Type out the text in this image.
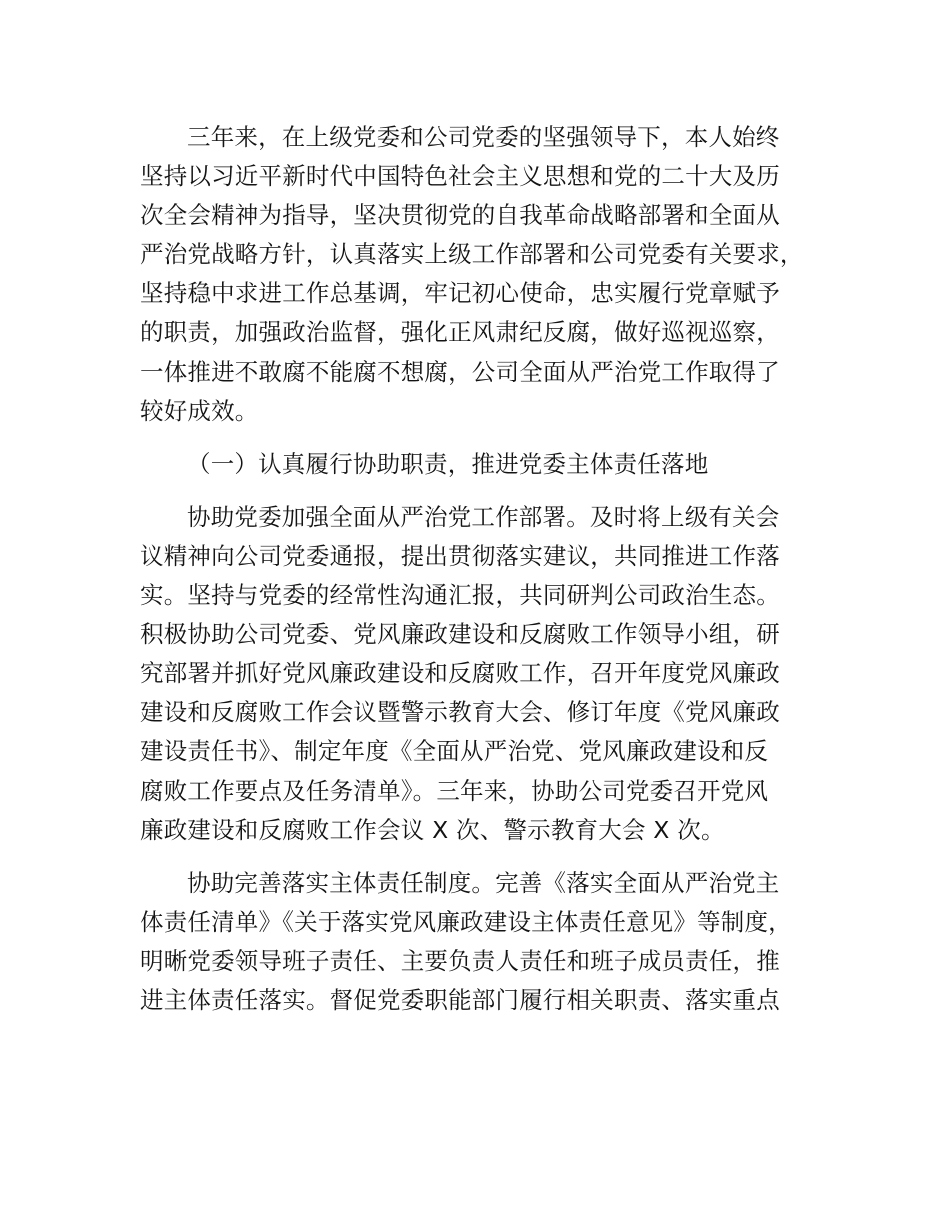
三年来，在上级党委和公司党委的坚强领导下，本人始终
坚持以习近平新时代中国特色社会主义思想和党的二十大及历
次全会精神为指导，坚决贯彻党的自我革命战略部署和全面从
严治党战略方针，认真落实上级工作部署和公司党委有关要求，
坚持稳中求进工作总基调，牢记初心使命，忠实履行党章赋予
的职责，加强政治监督，强化正风肃纪反腐，做好巡视巡察，
一体推进不敢腐不能腐不想腐，公司全面从严治党工作取得了
较好成效。
（一）认真履行协助职责，推进党委主体责任落地
协助党委加强全面从严治党工作部署。及时将上级有关会
议精神向公司党委通报，提出贯彻落实建议，共同推进工作落
实。坚持与党委的经常性沟通汇报，共同研判公司政治生态。
积极协助公司党委、党风廉政建设和反腐败工作领导小组，研
究部署并抓好党风廉政建设和反腐败工作，召开年度党风廉政
建设和反腐败工作会议暨警示教育大会、修订年度《党风廉政
建设责任书》、制定年度《全面从严治党、党风廉政建设和反
腐败工作要点及任务清单》。三年来，协助公司党委召开党风
廉政建设和反腐败工作会议 X 次、警示教育大会 X 次。
协助完善落实主体责任制度。完善《落实全面从严治党主
体责任清单》《关于落实党风廉政建设主体责任意见》等制度，
明晰党委领导班子责任、主要负责人责任和班子成员责任，推
进主体责任落实。督促党委职能部门履行相关职责、落实重点
